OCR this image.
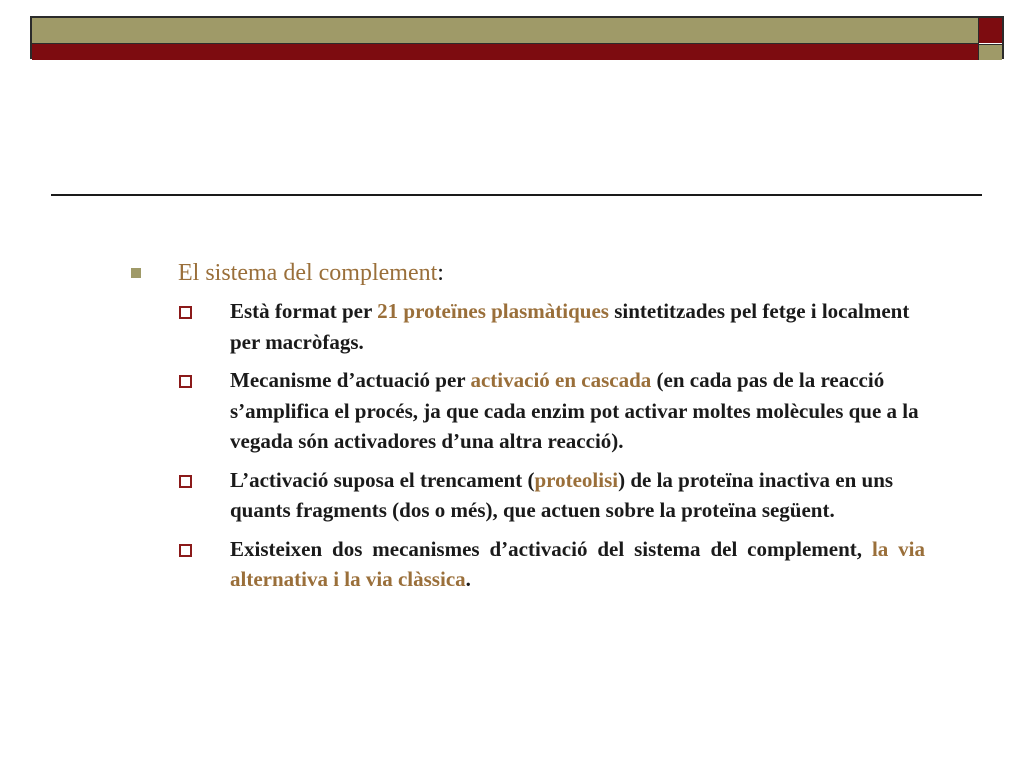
El sistema del complement:
Està format per 21 proteïnes plasmàtiques sintetitzades pel fetge i localment per macròfags.
Mecanisme d’actuació per activació en cascada (en cada pas de la reacció s’amplifica el procés, ja que cada enzim pot activar moltes molècules que a la vegada són activadores d’una altra reacció).
L’activació suposa el trencament (proteolisi) de la proteïna inactiva en uns quants fragments (dos o més), que actuen sobre la proteïna següent.
Existeixen dos mecanismes d’activació del sistema del complement, la via alternativa i la via clàssica.
